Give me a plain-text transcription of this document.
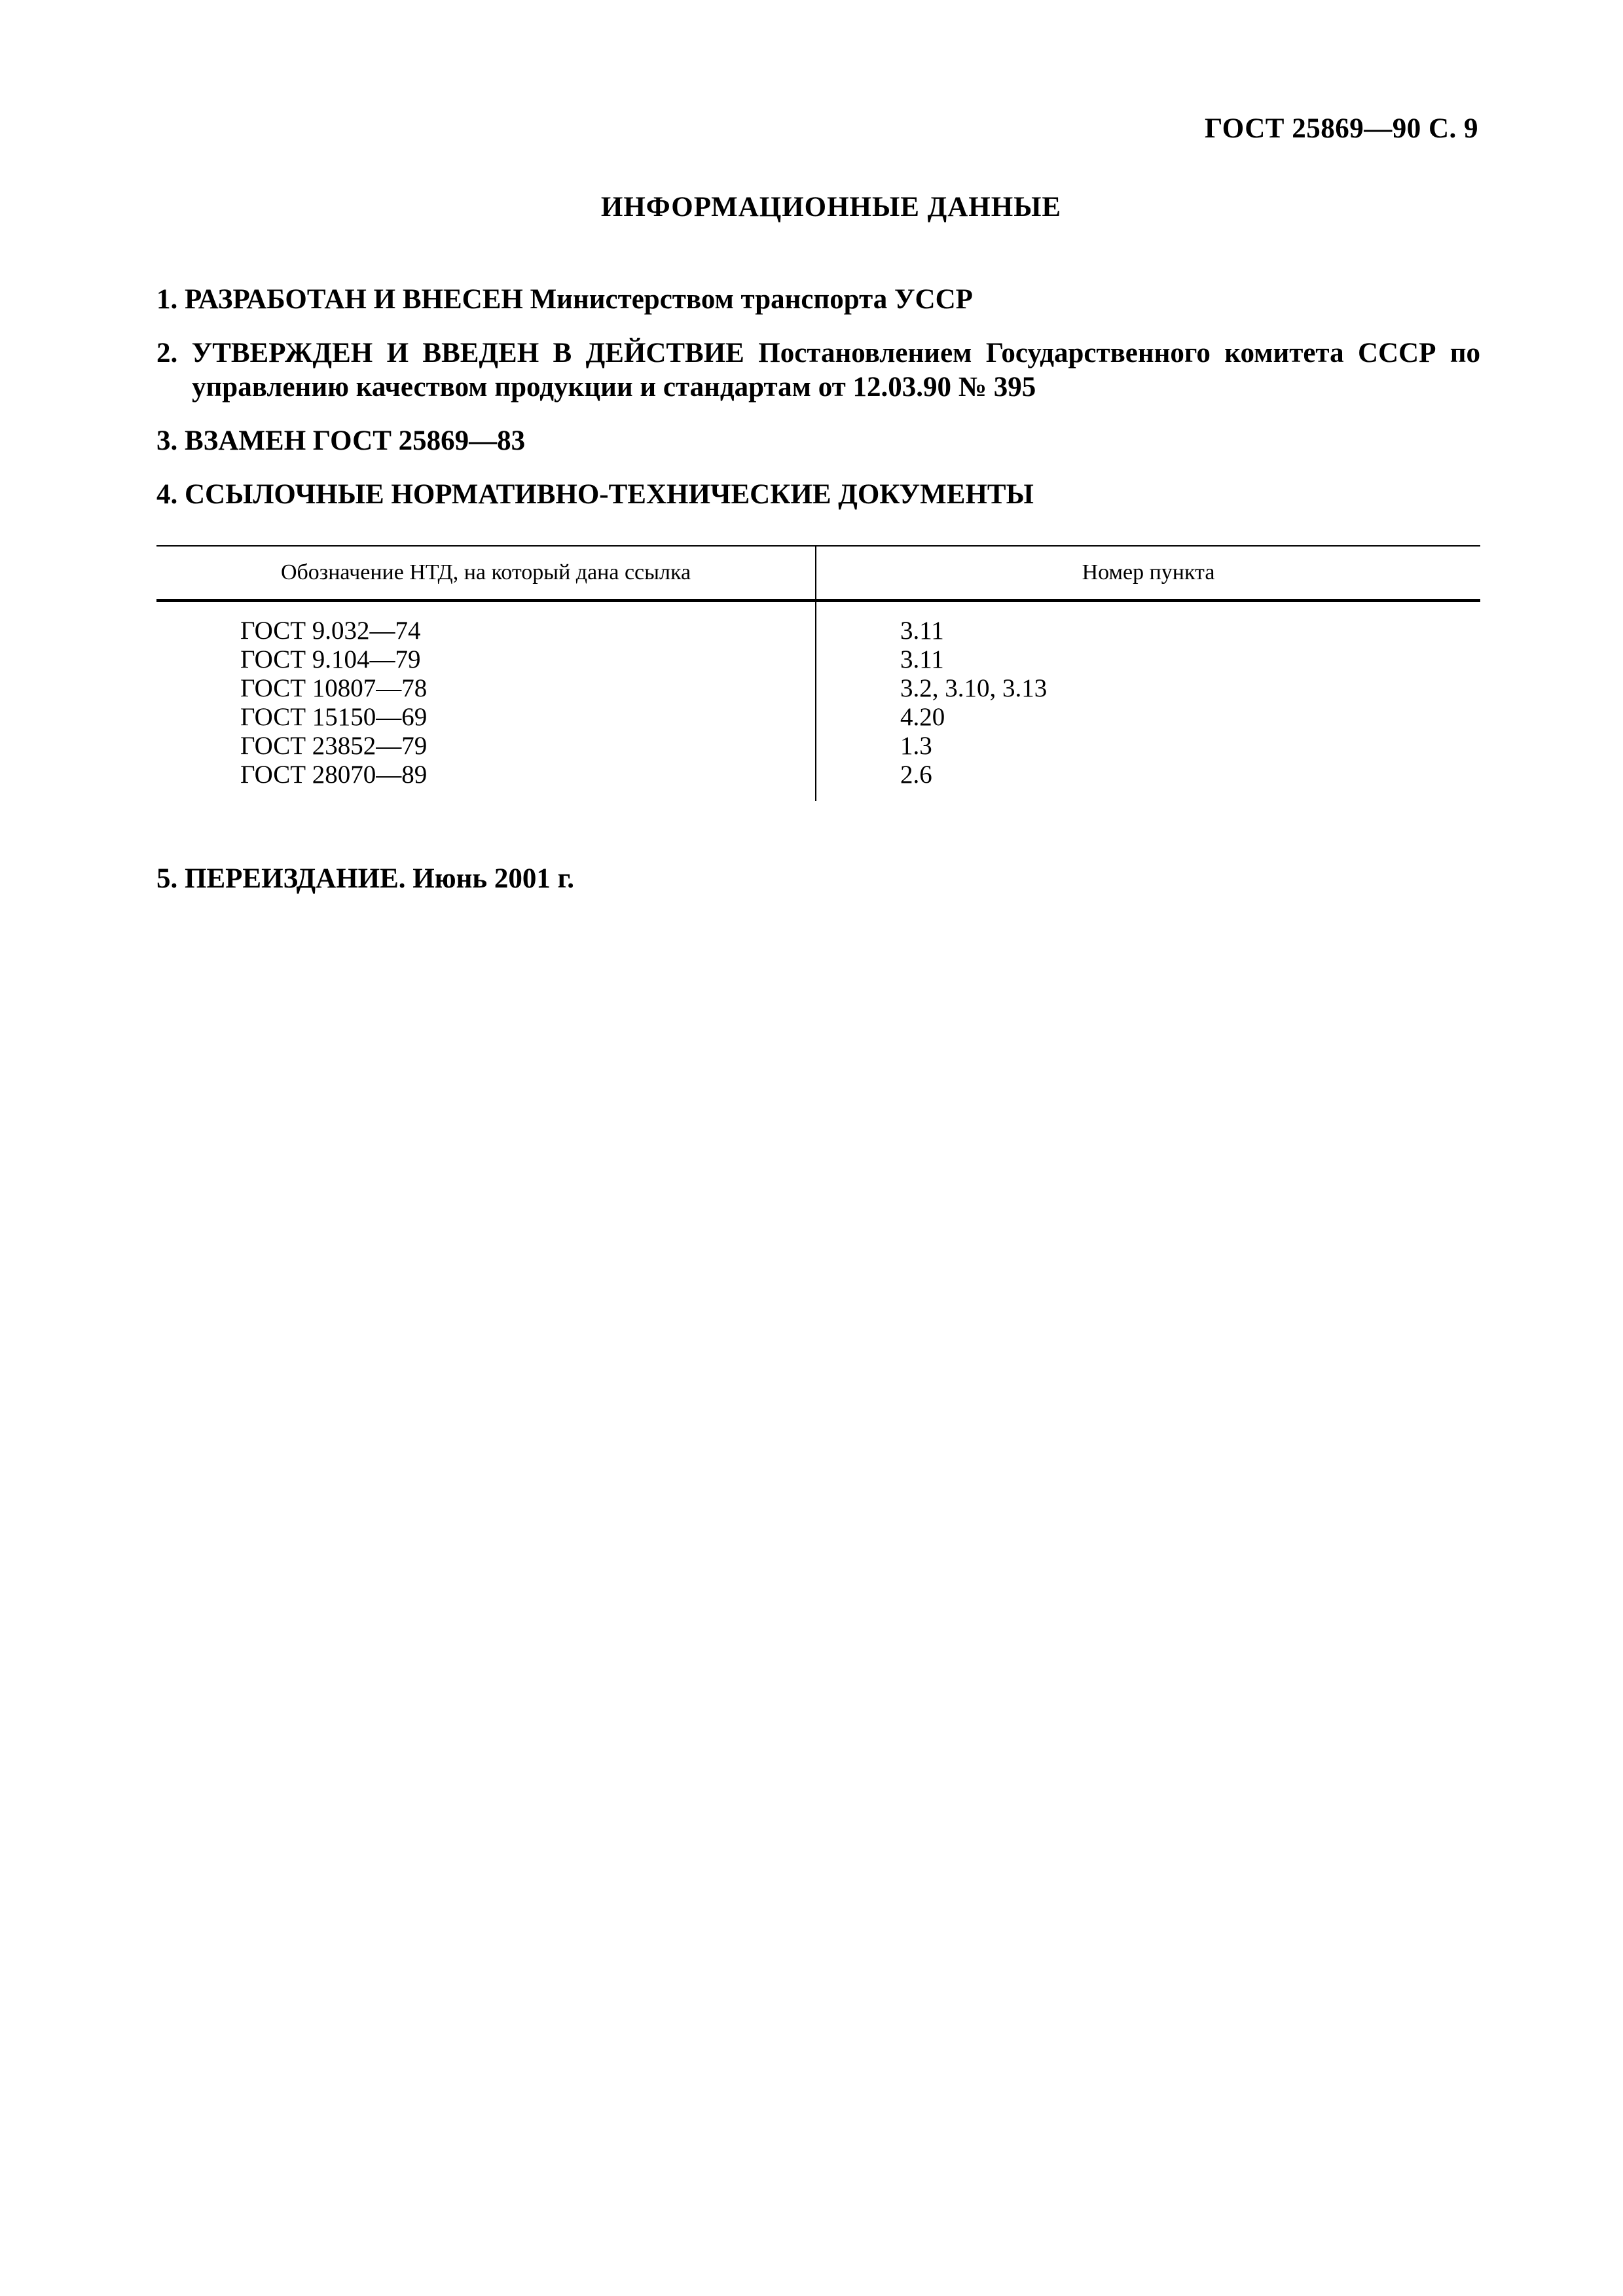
ГОСТ 25869—90 С. 9
ИНФОРМАЦИОННЫЕ ДАННЫЕ
1. РАЗРАБОТАН И ВНЕСЕН Министерством транспорта УССР
2. УТВЕРЖДЕН И ВВЕДЕН В ДЕЙСТВИЕ Постановлением Государственного комитета СССР по управлению качеством продукции и стандартам от 12.03.90 № 395
3. ВЗАМЕН ГОСТ 25869—83
4. ССЫЛОЧНЫЕ НОРМАТИВНО-ТЕХНИЧЕСКИЕ ДОКУМЕНТЫ
Обозначение НТД, на который дана ссылка	Номер пункта
ГОСТ 9.032—74	3.11
ГОСТ 9.104—79	3.11
ГОСТ 10807—78	3.2, 3.10, 3.13
ГОСТ 15150—69	4.20
ГОСТ 23852—79	1.3
ГОСТ 28070—89	2.6
5. ПЕРЕИЗДАНИЕ. Июнь 2001 г.
